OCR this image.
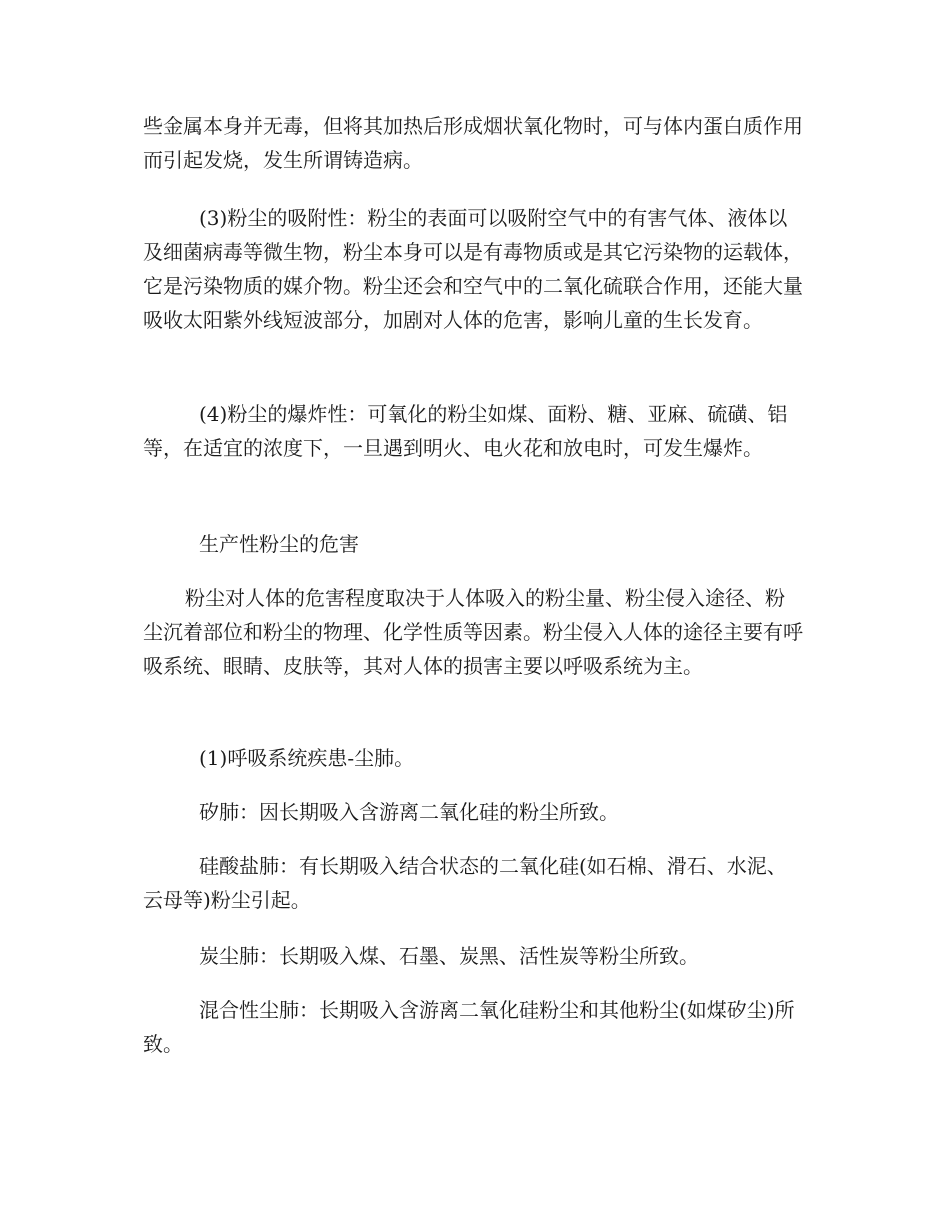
些金属本身并无毒，但将其加热后形成烟状氧化物时，可与体内蛋白质作用而引起发烧，发生所谓铸造病。

(3)粉尘的吸附性：粉尘的表面可以吸附空气中的有害气体、液体以及细菌病毒等微生物，粉尘本身可以是有毒物质或是其它污染物的运载体，它是污染物质的媒介物。粉尘还会和空气中的二氧化硫联合作用，还能大量吸收太阳紫外线短波部分，加剧对人体的危害，影响儿童的生长发育。

(4)粉尘的爆炸性：可氧化的粉尘如煤、面粉、糖、亚麻、硫磺、铝等，在适宜的浓度下，一旦遇到明火、电火花和放电时，可发生爆炸。

生产性粉尘的危害

粉尘对人体的危害程度取决于人体吸入的粉尘量、粉尘侵入途径、粉尘沉着部位和粉尘的物理、化学性质等因素。粉尘侵入人体的途径主要有呼吸系统、眼睛、皮肤等，其对人体的损害主要以呼吸系统为主。

(1)呼吸系统疾患-尘肺。

矽肺：因长期吸入含游离二氧化硅的粉尘所致。

硅酸盐肺：有长期吸入结合状态的二氧化硅(如石棉、滑石、水泥、云母等)粉尘引起。

炭尘肺：长期吸入煤、石墨、炭黑、活性炭等粉尘所致。

混合性尘肺：长期吸入含游离二氧化硅粉尘和其他粉尘(如煤矽尘)所致。
